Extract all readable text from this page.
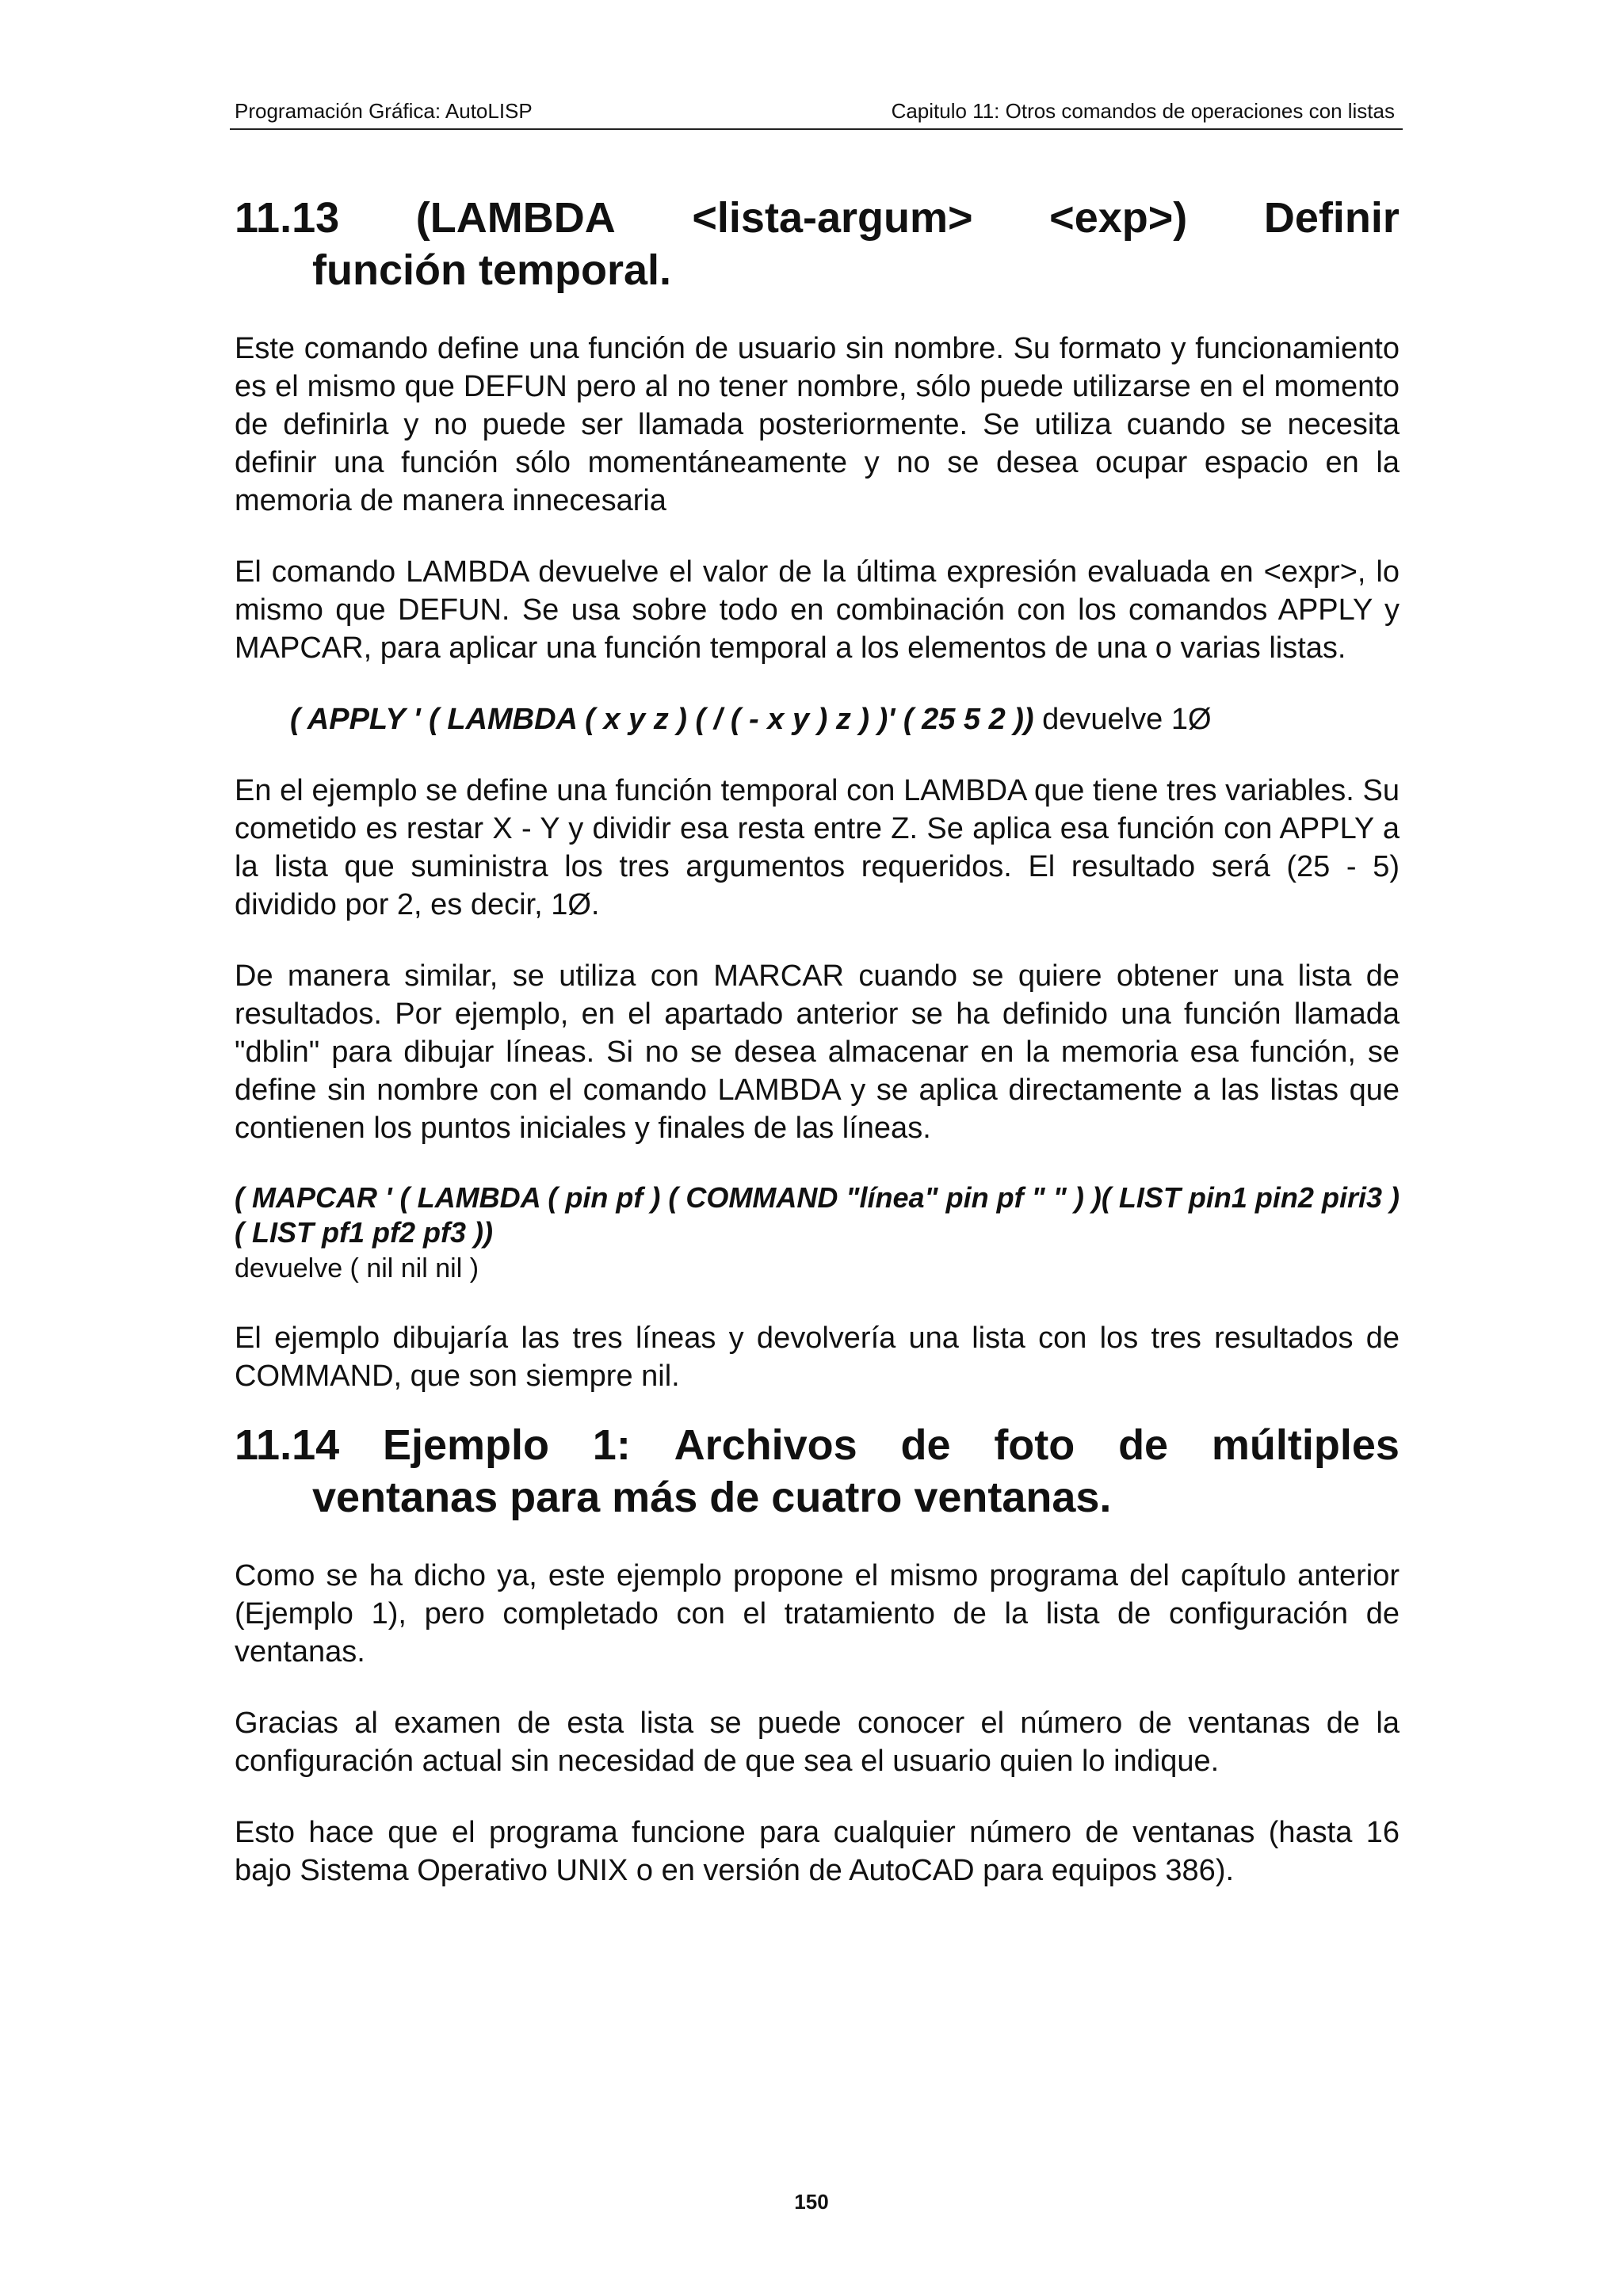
Programación Gráfica: AutoLISP	Capitulo 11: Otros comandos de operaciones con listas
11.13 (LAMBDA <lista-argum> <exp>) Definir
función temporal.

Este comando define una función de usuario sin nombre. Su formato y funcionamiento es el mismo que DEFUN pero al no tener nombre, sólo puede utilizarse en el momento de definirla y no puede ser llamada posteriormente. Se utiliza cuando se necesita definir una función sólo momentáneamente y no se desea ocupar espacio en la memoria de manera innecesaria

El comando LAMBDA devuelve el valor de la última expresión evaluada en <expr>, lo mismo que DEFUN. Se usa sobre todo en combinación con los comandos APPLY y MAPCAR, para aplicar una función temporal a los elementos de una o varias listas.

( APPLY ' ( LAMBDA ( x y z ) ( / ( - x y ) z ) )' ( 25 5 2 )) devuelve 1Ø

En el ejemplo se define una función temporal con LAMBDA que tiene tres variables. Su cometido es restar X - Y y dividir esa resta entre Z. Se aplica esa función con APPLY a la lista que suministra los tres argumentos requeridos. El resultado será (25 - 5) dividido por 2, es decir, 1Ø.

De manera similar, se utiliza con MARCAR cuando se quiere obtener una lista de resultados. Por ejemplo, en el apartado anterior se ha definido una función llamada "dblin" para dibujar líneas. Si no se desea almacenar en la memoria esa función, se define sin nombre con el comando LAMBDA y se aplica directamente a las listas que contienen los puntos iniciales y finales de las líneas.

( MAPCAR ' ( LAMBDA ( pin pf ) ( COMMAND "línea" pin pf " " ) )( LIST pin1 pin2 piri3 )( LIST pf1 pf2 pf3 ))
devuelve ( nil nil nil )

El ejemplo dibujaría las tres líneas y devolvería una lista con los tres resultados de COMMAND, que son siempre nil.

11.14 Ejemplo 1: Archivos de foto de múltiples
ventanas para más de cuatro ventanas.

Como se ha dicho ya, este ejemplo propone el mismo programa del capítulo anterior (Ejemplo 1), pero completado con el tratamiento de la lista de configuración de ventanas.

Gracias al examen de esta lista se puede conocer el número de ventanas de la configuración actual sin necesidad de que sea el usuario quien lo indique.

Esto hace que el programa funcione para cualquier número de ventanas (hasta 16 bajo Sistema Operativo UNIX o en versión de AutoCAD para equipos 386).

150
